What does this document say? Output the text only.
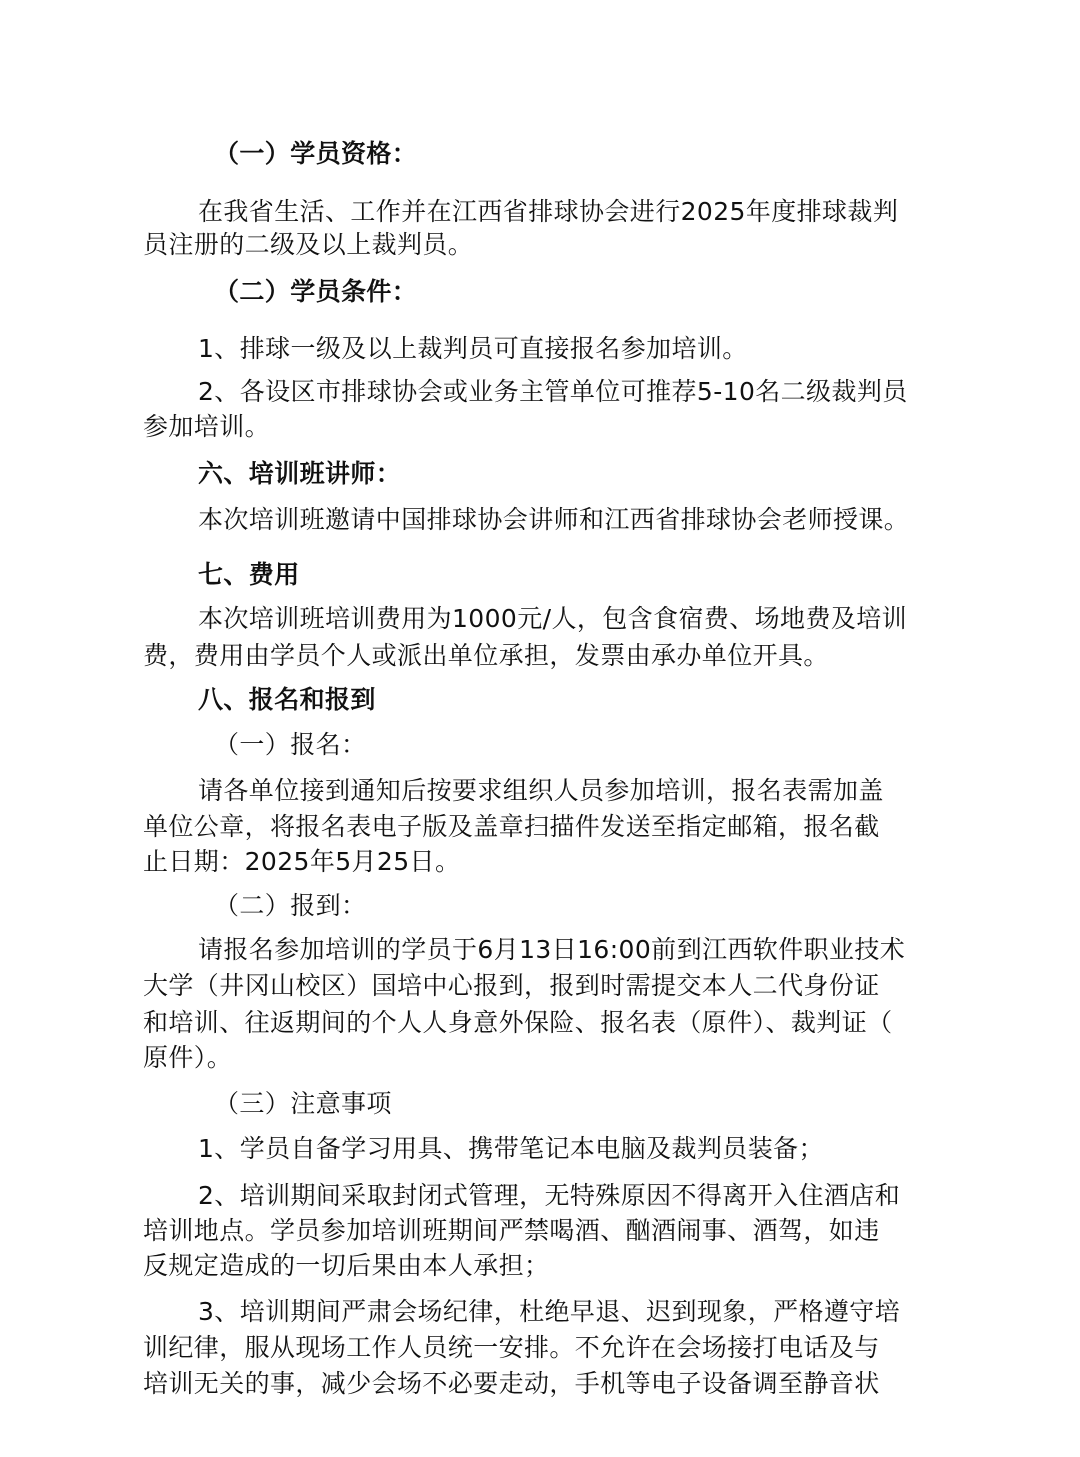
（一）学员资格：
在我省生活、工作并在江西省排球协会进行2025年度排球裁判
员注册的二级及以上裁判员。
（二）学员条件：
1、排球一级及以上裁判员可直接报名参加培训。
2、各设区市排球协会或业务主管单位可推荐5-10名二级裁判员
参加培训。
六、培训班讲师：
本次培训班邀请中国排球协会讲师和江西省排球协会老师授课。
七、费用
本次培训班培训费用为1000元/人，包含食宿费、场地费及培训
费，费用由学员个人或派出单位承担，发票由承办单位开具。
八、报名和报到
（一）报名：
请各单位接到通知后按要求组织人员参加培训，报名表需加盖
单位公章，将报名表电子版及盖章扫描件发送至指定邮箱，报名截
止日期：2025年5月25日。
（二）报到：
请报名参加培训的学员于6月13日16:00前到江西软件职业技术
大学（井冈山校区）国培中心报到，报到时需提交本人二代身份证
和培训、往返期间的个人人身意外保险、报名表（原件）、裁判证（
原件）。
（三）注意事项
1、学员自备学习用具、携带笔记本电脑及裁判员装备；
2、培训期间采取封闭式管理，无特殊原因不得离开入住酒店和
培训地点。学员参加培训班期间严禁喝酒、酗酒闹事、酒驾，如违
反规定造成的一切后果由本人承担；
3、培训期间严肃会场纪律，杜绝早退、迟到现象，严格遵守培
训纪律，服从现场工作人员统一安排。不允许在会场接打电话及与
培训无关的事，减少会场不必要走动，手机等电子设备调至静音状
